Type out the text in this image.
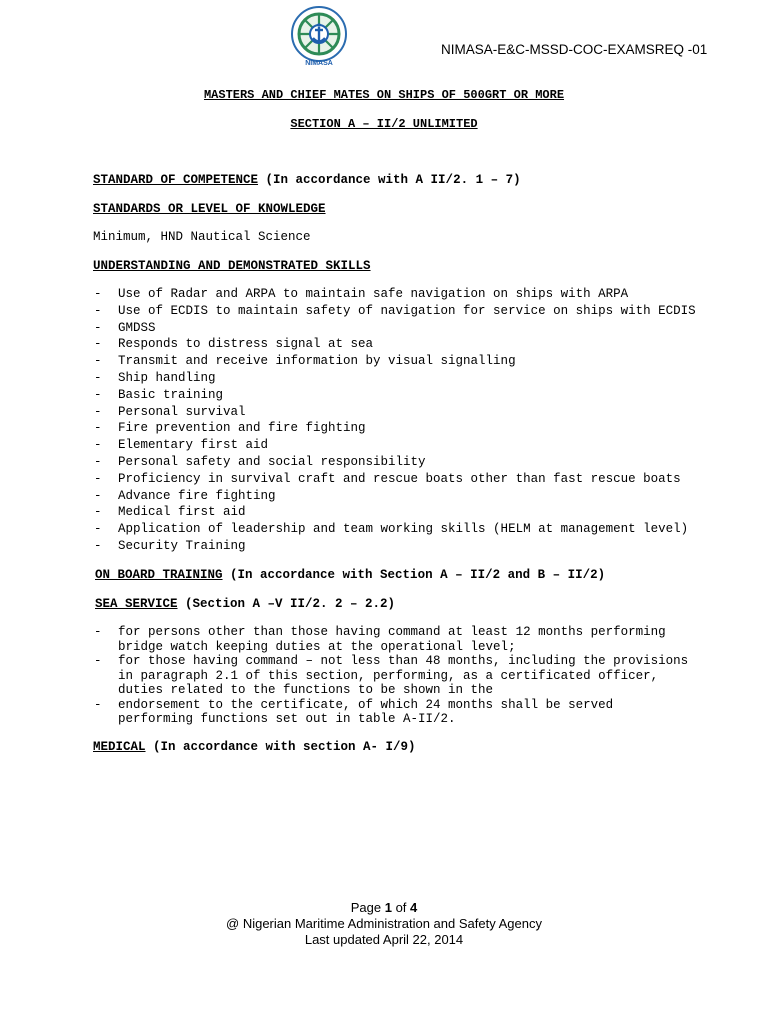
NIMASA
NIMASA-E&C-MSSD-COC-EXAMSREQ -01
MASTERS AND CHIEF MATES ON SHIPS OF 500GRT OR MORE
SECTION A – II/2 UNLIMITED
STANDARD OF COMPETENCE (In accordance with A II/2. 1 – 7)
STANDARDS OR LEVEL OF KNOWLEDGE
Minimum, HND Nautical Science
UNDERSTANDING AND DEMONSTRATED SKILLS
- Use of Radar and ARPA to maintain safe navigation on ships with ARPA
- Use of ECDIS to maintain safety of navigation for service on ships with ECDIS
- GMDSS
- Responds to distress signal at sea
- Transmit and receive information by visual signalling
- Ship handling
- Basic training
- Personal survival
- Fire prevention and fire fighting
- Elementary first aid
- Personal safety and social responsibility
- Proficiency in survival craft and rescue boats other than fast rescue boats
- Advance fire fighting
- Medical first aid
- Application of leadership and team working skills (HELM at management level)
- Security Training
ON BOARD TRAINING (In accordance with Section A – II/2 and B – II/2)
SEA SERVICE (Section A –V II/2. 2 – 2.2)
- for persons other than those having command at least 12 months performing bridge watch keeping duties at the operational level;
- for those having command – not less than 48 months, including the provisions in paragraph 2.1 of this section, performing, as a certificated officer, duties related to the functions to be shown in the
- endorsement to the certificate, of which 24 months shall be served performing functions set out in table A-II/2.
MEDICAL (In accordance with section A- I/9)
Page 1 of 4
@ Nigerian Maritime Administration and Safety Agency
Last updated April 22, 2014
